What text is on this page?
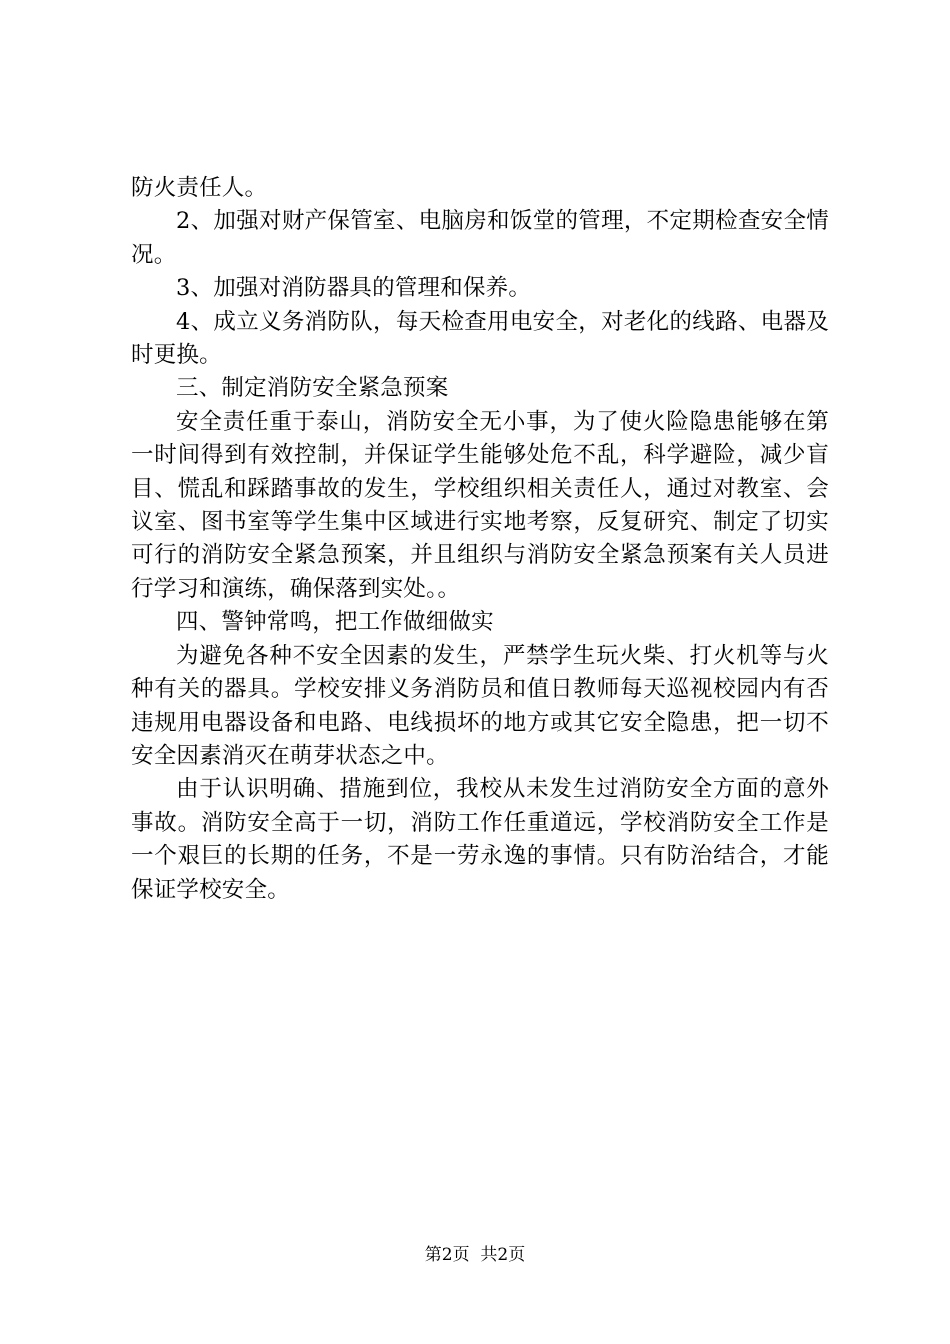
防火责任人。

2、加强对财产保管室、电脑房和饭堂的管理，不定期检查安全情况。

3、加强对消防器具的管理和保养。

4、成立义务消防队，每天检查用电安全，对老化的线路、电器及时更换。

三、制定消防安全紧急预案

安全责任重于泰山，消防安全无小事，为了使火险隐患能够在第一时间得到有效控制，并保证学生能够处危不乱，科学避险，减少盲目、慌乱和踩踏事故的发生，学校组织相关责任人，通过对教室、会议室、图书室等学生集中区域进行实地考察，反复研究、制定了切实可行的消防安全紧急预案，并且组织与消防安全紧急预案有关人员进行学习和演练，确保落到实处。。

四、警钟常鸣，把工作做细做实

为避免各种不安全因素的发生，严禁学生玩火柴、打火机等与火种有关的器具。学校安排义务消防员和值日教师每天巡视校园内有否违规用电器设备和电路、电线损坏的地方或其它安全隐患，把一切不安全因素消灭在萌芽状态之中。

由于认识明确、措施到位，我校从未发生过消防安全方面的意外事故。消防安全高于一切，消防工作任重道远，学校消防安全工作是一个艰巨的长期的任务，不是一劳永逸的事情。只有防治结合，才能保证学校安全。

第2页  共2页
